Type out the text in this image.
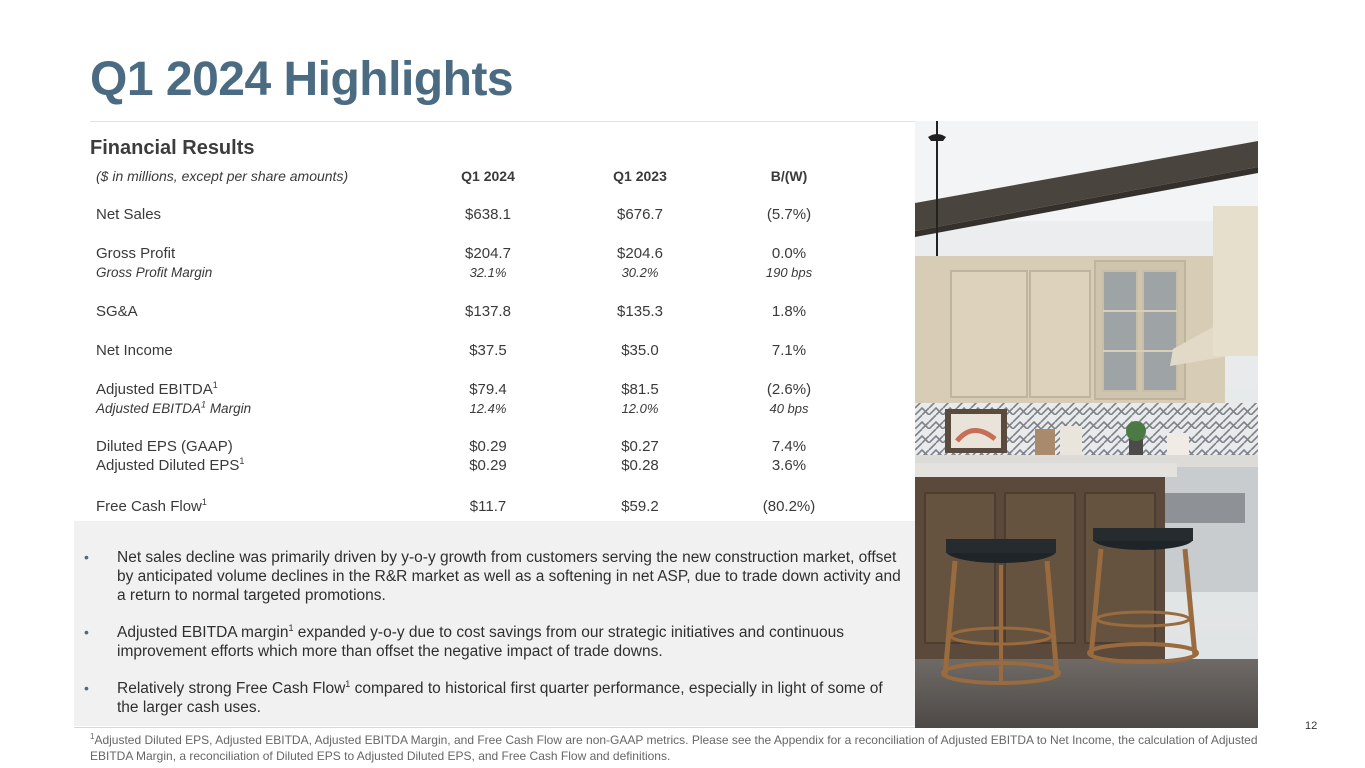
Q1 2024 Highlights
Financial Results
($ in millions, except per share amounts)	Q1 2024	Q1 2023	B/(W)
Net Sales	$638.1	$676.7	(5.7%)
Gross Profit	$204.7	$204.6	0.0%
Gross Profit Margin	32.1%	30.2%	190 bps
SG&A	$137.8	$135.3	1.8%
Net Income	$37.5	$35.0	7.1%
Adjusted EBITDA$^1$	$79.4	$81.5	(2.6%)
Adjusted EBITDA$^1$ Margin	12.4%	12.0%	40 bps
Diluted EPS (GAAP)	$0.29	$0.27	7.4%
Adjusted Diluted EPS$^1$	$0.29	$0.28	3.6%
Free Cash Flow$^1$	$11.7	$59.2	(80.2%)
• Net sales decline was primarily driven by y-o-y growth from customers serving the new construction market, offset by anticipated volume declines in the R&R market as well as a softening in net ASP, due to trade down activity and a return to normal targeted promotions.
• Adjusted EBITDA margin$^1$ expanded y-o-y due to cost savings from our strategic initiatives and continuous improvement efforts which more than offset the negative impact of trade downs.
• Relatively strong Free Cash Flow$^1$ compared to historical first quarter performance, especially in light of some of the larger cash uses.
12
$^1$Adjusted Diluted EPS, Adjusted EBITDA, Adjusted EBITDA Margin, and Free Cash Flow are non-GAAP metrics. Please see the Appendix for a reconciliation of Adjusted EBITDA to Net Income, the calculation of Adjusted EBITDA Margin, a reconciliation of Diluted EPS to Adjusted Diluted EPS, and Free Cash Flow and definitions.
